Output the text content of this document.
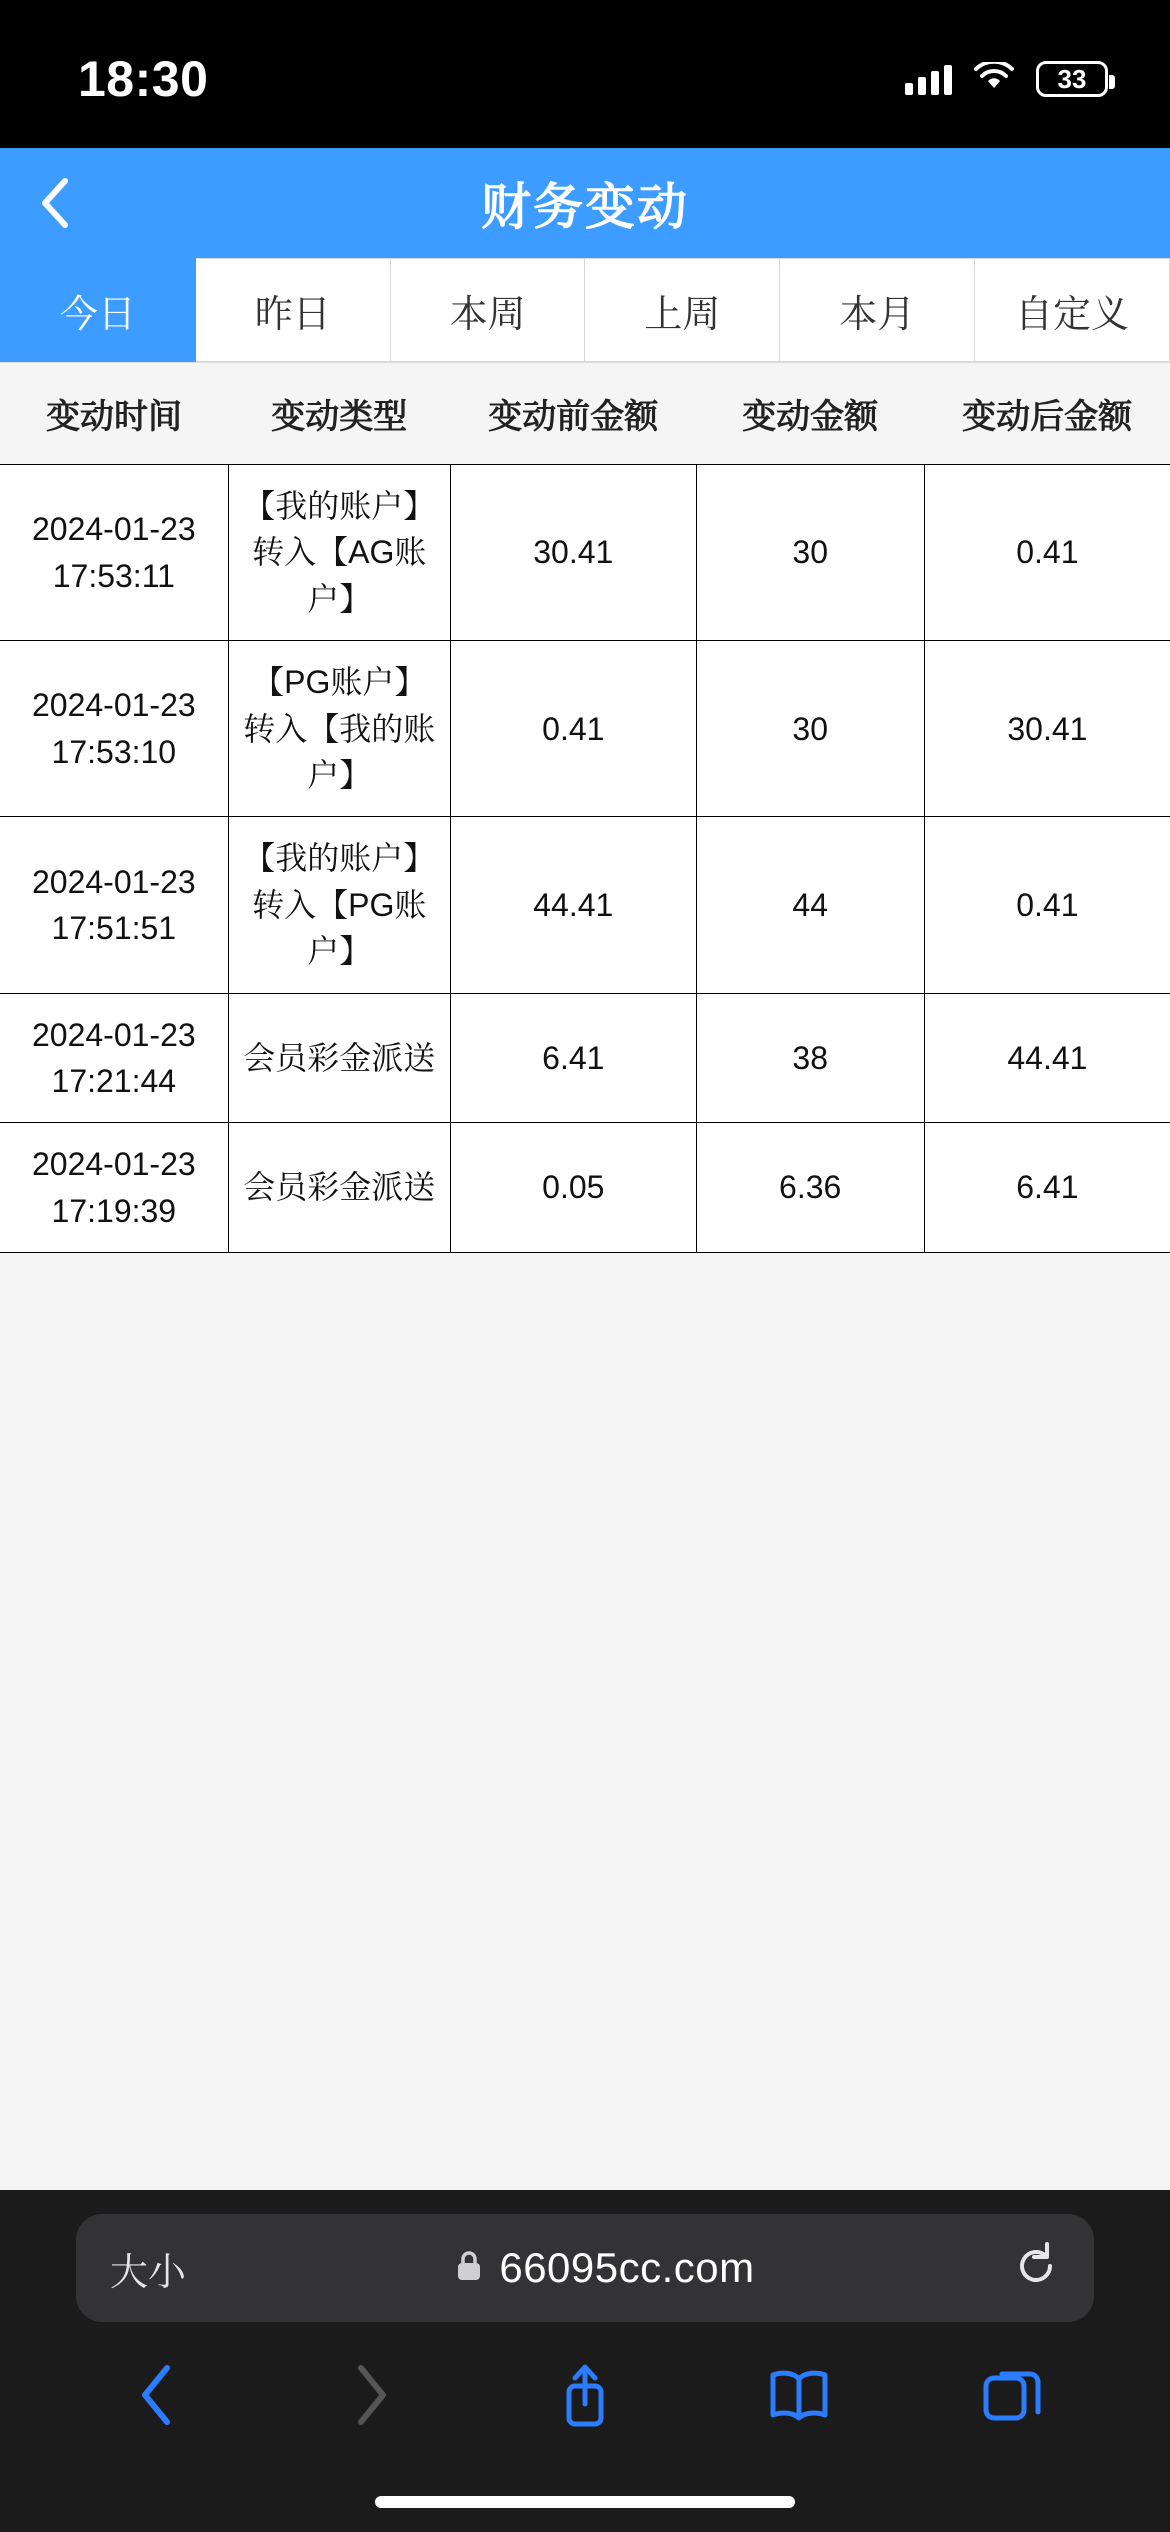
18:30	33
财务变动
今日	昨日	本周	上周	本月	自定义
变动时间	变动类型	变动前金额	变动金额	变动后金额

2024-01-23
17:53:11	【我的账户】转入【AG账户】	30.41	30	0.41

2024-01-23
17:53:10	【PG账户】转入【我的账户】	0.41	30	30.41

2024-01-23
17:51:51	【我的账户】转入【PG账户】	44.41	44	0.41

2024-01-23
17:21:44	会员彩金派送	6.41	38	44.41

2024-01-23
17:19:39	会员彩金派送	0.05	6.36	6.41
大小	66095cc.com
